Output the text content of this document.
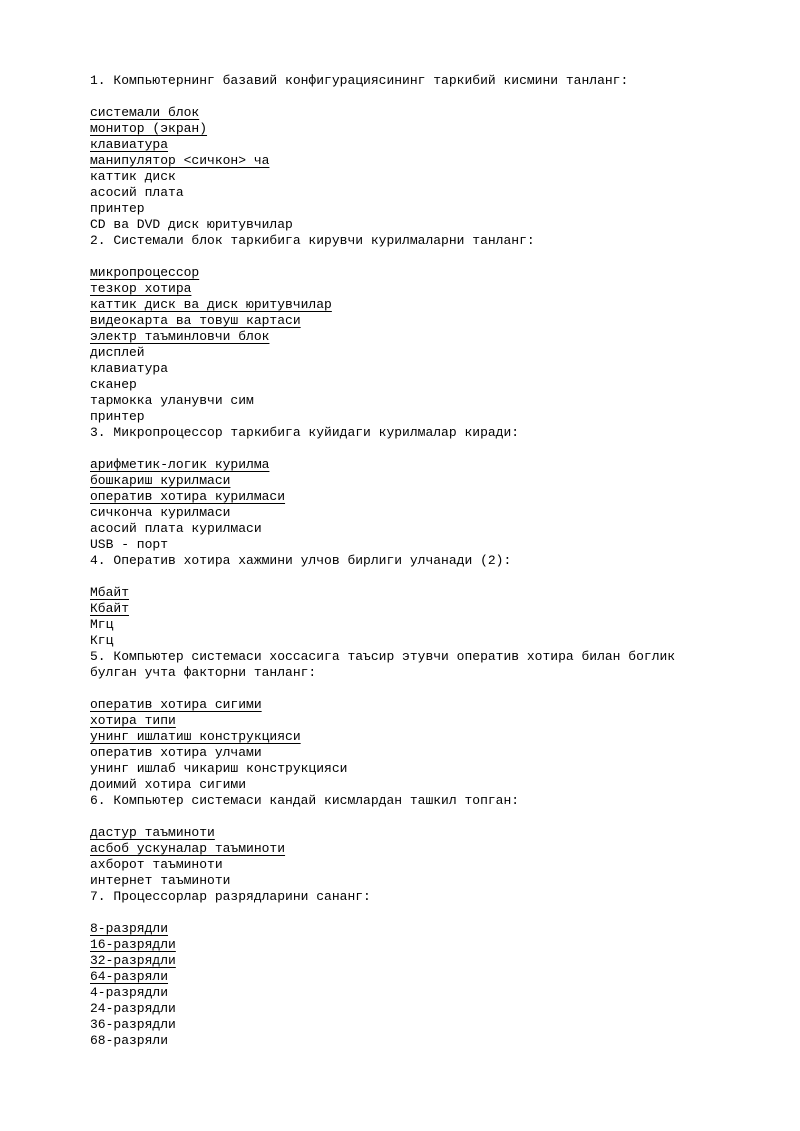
1. Компьютернинг базавий конфигурациясининг таркибий кисмини танланг:

системали блок

монитор (экран)

клавиатура

манипулятор <сичкон> ча

каттик диск

асосий плата

принтер

CD ва DVD диск юритувчилар

2. Системали блок таркибига кирувчи курилмаларни танланг:

микропроцессор

тезкор хотира

каттик диск ва диск юритувчилар

видеокарта ва товуш картаси

электр таъминловчи блок

дисплей

клавиатура

сканер

тармокка уланувчи сим

принтер

3. Микропроцессор таркибига куйидаги курилмалар киради:

арифметик-логик курилма

бошкариш курилмаси

оператив хотира курилмаси

сичконча курилмаси

асосий плата курилмаси

USB - порт

4. Оператив хотира хажмини улчов бирлиги улчанади (2):

Мбайт

Кбайт

Мгц

Кгц

5. Компьютер системаси хоссасига таъсир этувчи оператив хотира билан боглик булган учта факторни танланг:

оператив хотира сигими

хотира типи

унинг ишлатиш конструкцияси

оператив хотира улчами

унинг ишлаб чикариш конструкцияси

доимий хотира сигими

6. Компьютер системаси кандай кисмлардан ташкил топган:

дастур таъминоти

асбоб ускуналар таъминоти

ахборот таъминоти

интернет таъминоти

7. Процессорлар разрядларини сананг:

8-разрядли

16-разрядли

32-разрядли

64-разряли

4-разрядли

24-разрядли

36-разрядли

68-разряли
